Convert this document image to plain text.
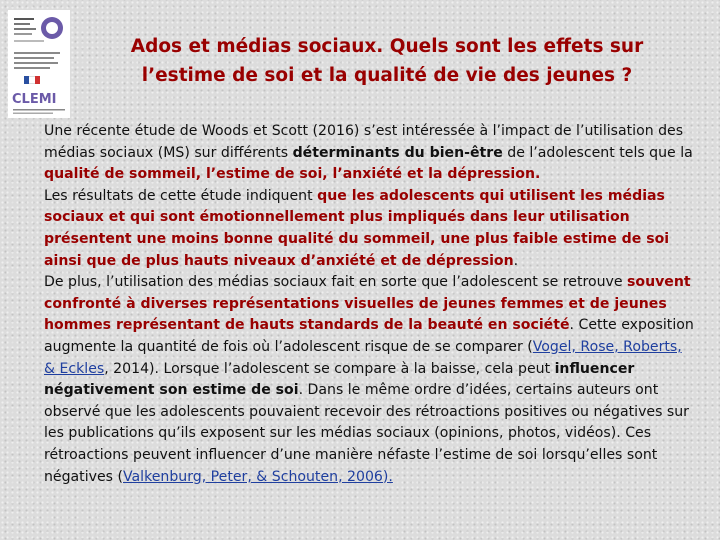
CLEMI
Ados et médias sociaux. Quels sont les effets sur
l’estime de soi et la qualité de vie des jeunes ?

Une récente étude de Woods et Scott (2016) s’est intéressée à l’impact de l’utilisation des médias sociaux (MS) sur différents déterminants du bien-être de l’adolescent tels que la qualité de sommeil, l’estime de soi, l’anxiété et la dépression.

Les résultats de cette étude indiquent que les adolescents qui utilisent les médias sociaux et qui sont émotionnellement plus impliqués dans leur utilisation présentent une moins bonne qualité du sommeil, une plus faible estime de soi ainsi que de plus hauts niveaux d’anxiété et de dépression.

De plus, l’utilisation des médias sociaux fait en sorte que l’adolescent se retrouve souvent confronté à diverses représentations visuelles de jeunes femmes et de jeunes hommes représentant de hauts standards de la beauté en société. Cette exposition augmente la quantité de fois où l’adolescent risque de se comparer (Vogel, Rose, Roberts, & Eckles, 2014). Lorsque l’adolescent se compare à la baisse, cela peut influencer négativement son estime de soi. Dans le même ordre d’idées, certains auteurs ont observé que les adolescents pouvaient recevoir des rétroactions positives ou négatives sur les publications qu’ils exposent sur les médias sociaux (opinions, photos, vidéos). Ces rétroactions peuvent influencer d’une manière néfaste l’estime de soi lorsqu’elles sont négatives (Valkenburg, Peter, & Schouten, 2006).
